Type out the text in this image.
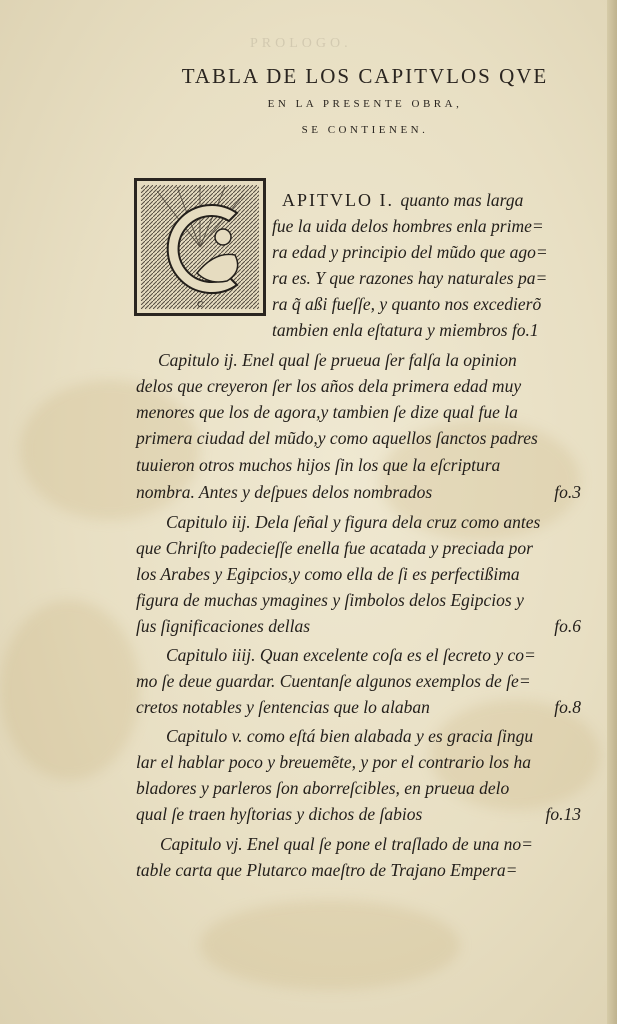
PROLOGO.
TABLA DE LOS CAPITVLOS QVE
EN LA PRESENTE OBRA,
SE CONTIENEN.
C
APITVLO I. quanto mas larga
fue la uida delos hombres enla prime=
ra edad y principio del mũdo que ago=
ra es. Y que razones hay naturales pa=
ra q̃ aßi fueſſe, y quanto nos excedierõ
tambien enla eſtatura y miembros fo.1
Capitulo ij. Enel qual ſe prueua ſer falſa la opinion
delos que creyeron ſer los años dela primera edad muy
menores que los de agora,y tambien ſe dize qual fue la
primera ciudad del mũdo,y como aquellos ſanctos padres
tuuieron otros muchos hijos ſin los que la eſcriptura
nombra. Antes y deſpues delos nombrados	fo.3
Capitulo iij. Dela ſeñal y figura dela cruz como antes
que Chriſto padecieſſe enella fue acatada y preciada por
los Arabes y Egipcios,y como ella de ſi es perfectißima
figura de muchas ymagines y ſimbolos delos Egipcios y
ſus ſignificaciones dellas	fo.6
Capitulo iiij. Quan excelente coſa es el ſecreto y co=
mo ſe deue guardar. Cuentanſe algunos exemplos de ſe=
cretos notables y ſentencias que lo alaban	fo.8
Capitulo v. como eſtá bien alabada y es gracia ſingu
lar el hablar poco y breuemẽte, y por el contrario los ha
bladores y parleros ſon aborreſcibles, en prueua delo
qual ſe traen hyſtorias y dichos de ſabios	fo.13
Capitulo vj. Enel qual ſe pone el traſlado de una no=
table carta que Plutarco maeſtro de Trajano Empera=
